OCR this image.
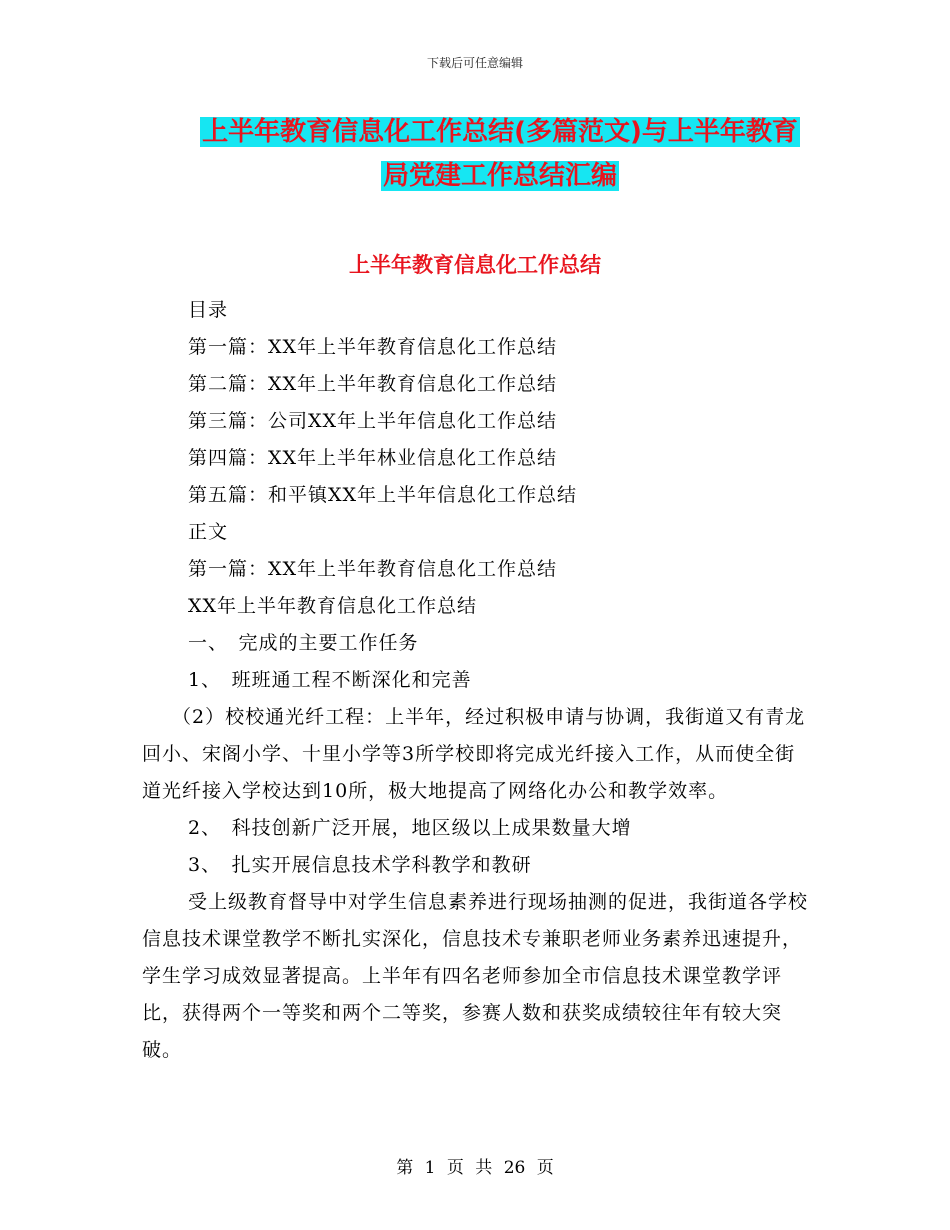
下载后可任意编辑
上半年教育信息化工作总结(多篇范文)与上半年教育
局党建工作总结汇编
上半年教育信息化工作总结

目录

第一篇：XX年上半年教育信息化工作总结

第二篇：XX年上半年教育信息化工作总结

第三篇：公司XX年上半年信息化工作总结

第四篇：XX年上半年林业信息化工作总结

第五篇：和平镇XX年上半年信息化工作总结

正文

第一篇：XX年上半年教育信息化工作总结

XX年上半年教育信息化工作总结

一、　完成的主要工作任务

1、　班班通工程不断深化和完善

（2）校校通光纤工程：上半年，经过积极申请与协调，我街道又有青龙回小、宋阁小学、十里小学等3所学校即将完成光纤接入工作，从而使全街道光纤接入学校达到10所，极大地提高了网络化办公和教学效率。

2、　科技创新广泛开展，地区级以上成果数量大增

3、　扎实开展信息技术学科教学和教研

受上级教育督导中对学生信息素养进行现场抽测的促进，我街道各学校信息技术课堂教学不断扎实深化，信息技术专兼职老师业务素养迅速提升，学生学习成效显著提高。上半年有四名老师参加全市信息技术课堂教学评比，获得两个一等奖和两个二等奖，参赛人数和获奖成绩较往年有较大突破。

第 1 页 共 26 页
